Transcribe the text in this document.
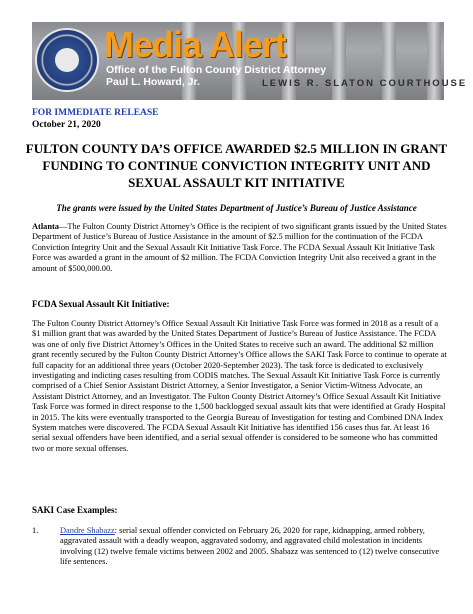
Media Alert
Office of the Fulton County District Attorney
Paul L. Howard, Jr.	LEWIS R. SLATON COURTHOUSE
FOR IMMEDIATE RELEASE
October 21, 2020
FULTON COUNTY DA’S OFFICE AWARDED $2.5 MILLION IN GRANT FUNDING TO CONTINUE CONVICTION INTEGRITY UNIT AND SEXUAL ASSAULT KIT INITIATIVE
The grants were issued by the United States Department of Justice’s Bureau of Justice Assistance
Atlanta—The Fulton County District Attorney’s Office is the recipient of two significant grants issued by the United States Department of Justice’s Bureau of Justice Assistance in the amount of $2.5 million for the continuation of the FCDA Conviction Integrity Unit and the Sexual Assault Kit Initiative Task Force. The FCDA Sexual Assault Kit Initiative Task Force was awarded a grant in the amount of $2 million. The FCDA Conviction Integrity Unit also received a grant in the amount of $500,000.00.
FCDA Sexual Assault Kit Initiative:
The Fulton County District Attorney’s Office Sexual Assault Kit Initiative Task Force was formed in 2018 as a result of a $1 million grant that was awarded by the United States Department of Justice’s Bureau of Justice Assistance. The FCDA was one of only five District Attorney’s Offices in the United States to receive such an award. The additional $2 million grant recently secured by the Fulton County District Attorney’s Office allows the SAKI Task Force to continue to operate at full capacity for an additional three years (October 2020-September 2023). The task force is dedicated to exclusively investigating and indicting cases resulting from CODIS matches. The Sexual Assault Kit Initiative Task Force is currently comprised of a Chief Senior Assistant District Attorney, a Senior Investigator, a Senior Victim-Witness Advocate, an Assistant District Attorney, and an Investigator. The Fulton County District Attorney’s Office Sexual Assault Kit Initiative Task Force was formed in direct response to the 1,500 backlogged sexual assault kits that were identified at Grady Hospital in 2015. The kits were eventually transported to the Georgia Bureau of Investigation for testing and Combined DNA Index System matches were discovered. The FCDA Sexual Assault Kit Initiative has identified 156 cases thus far. At least 16 serial sexual offenders have been identified, and a serial sexual offender is considered to be someone who has committed two or more sexual offenses.
SAKI Case Examples:
1.	Dandre Shabazz: serial sexual offender convicted on February 26, 2020 for rape, kidnapping, armed robbery, aggravated assault with a deadly weapon, aggravated sodomy, and aggravated child molestation in incidents involving (12) twelve female victims between 2002 and 2005. Shabazz was sentenced to (12) twelve consecutive life sentences.
